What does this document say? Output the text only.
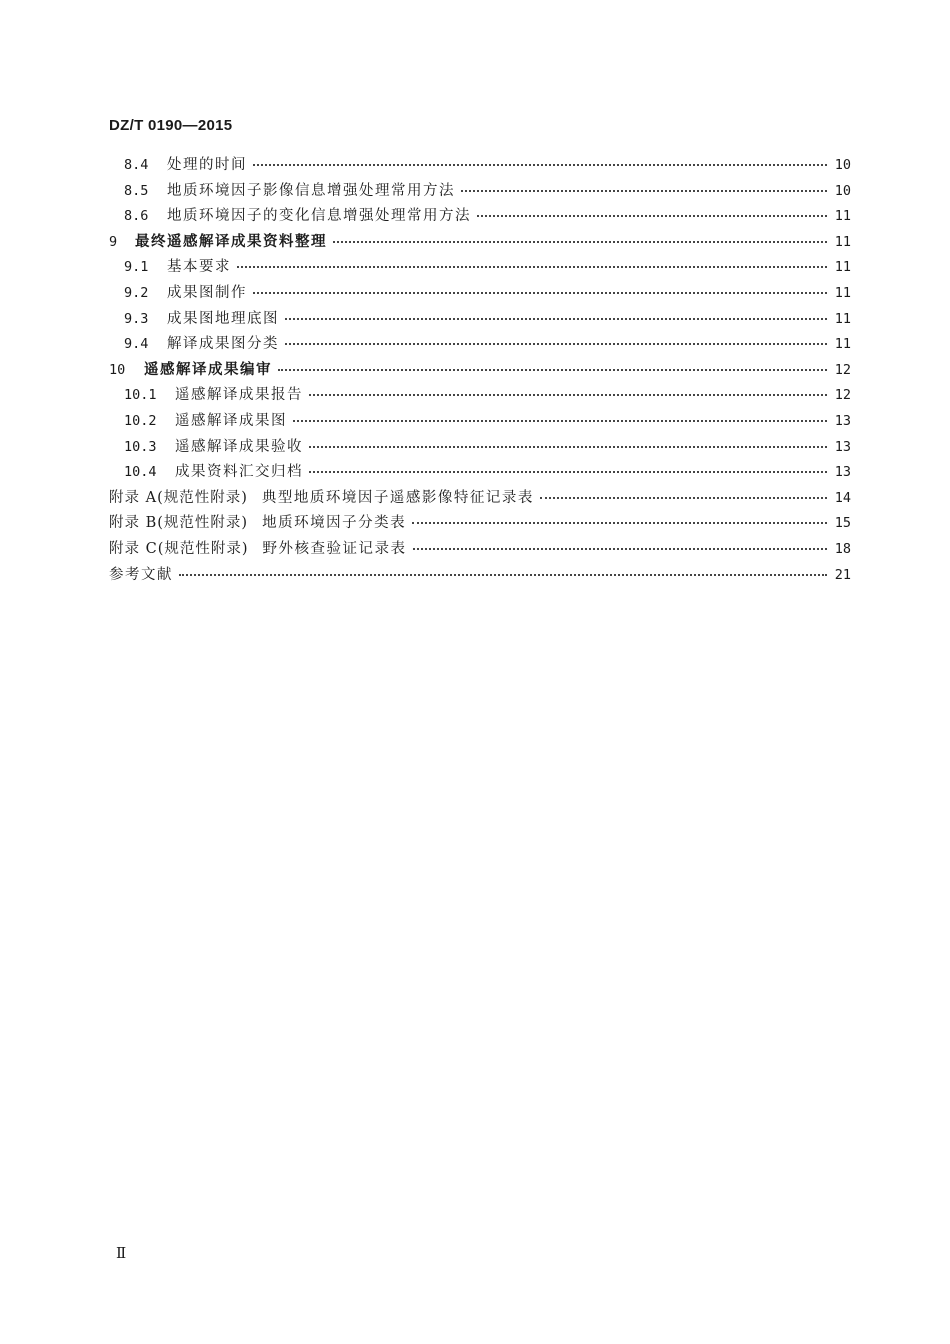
DZ/T 0190—2015
8.4	处理的时间	10
8.5	地质环境因子影像信息增强处理常用方法	10
8.6	地质环境因子的变化信息增强处理常用方法	11
9	最终遥感解译成果资料整理	11
9.1	基本要求	11
9.2	成果图制作	11
9.3	成果图地理底图	11
9.4	解译成果图分类	11
10	遥感解译成果编审	12
10.1	遥感解译成果报告	12
10.2	遥感解译成果图	13
10.3	遥感解译成果验收	13
10.4	成果资料汇交归档	13
附录 A(规范性附录) 典型地质环境因子遥感影像特征记录表	14
附录 B(规范性附录) 地质环境因子分类表	15
附录 C(规范性附录) 野外核查验证记录表	18
参考文献	21
Ⅱ
